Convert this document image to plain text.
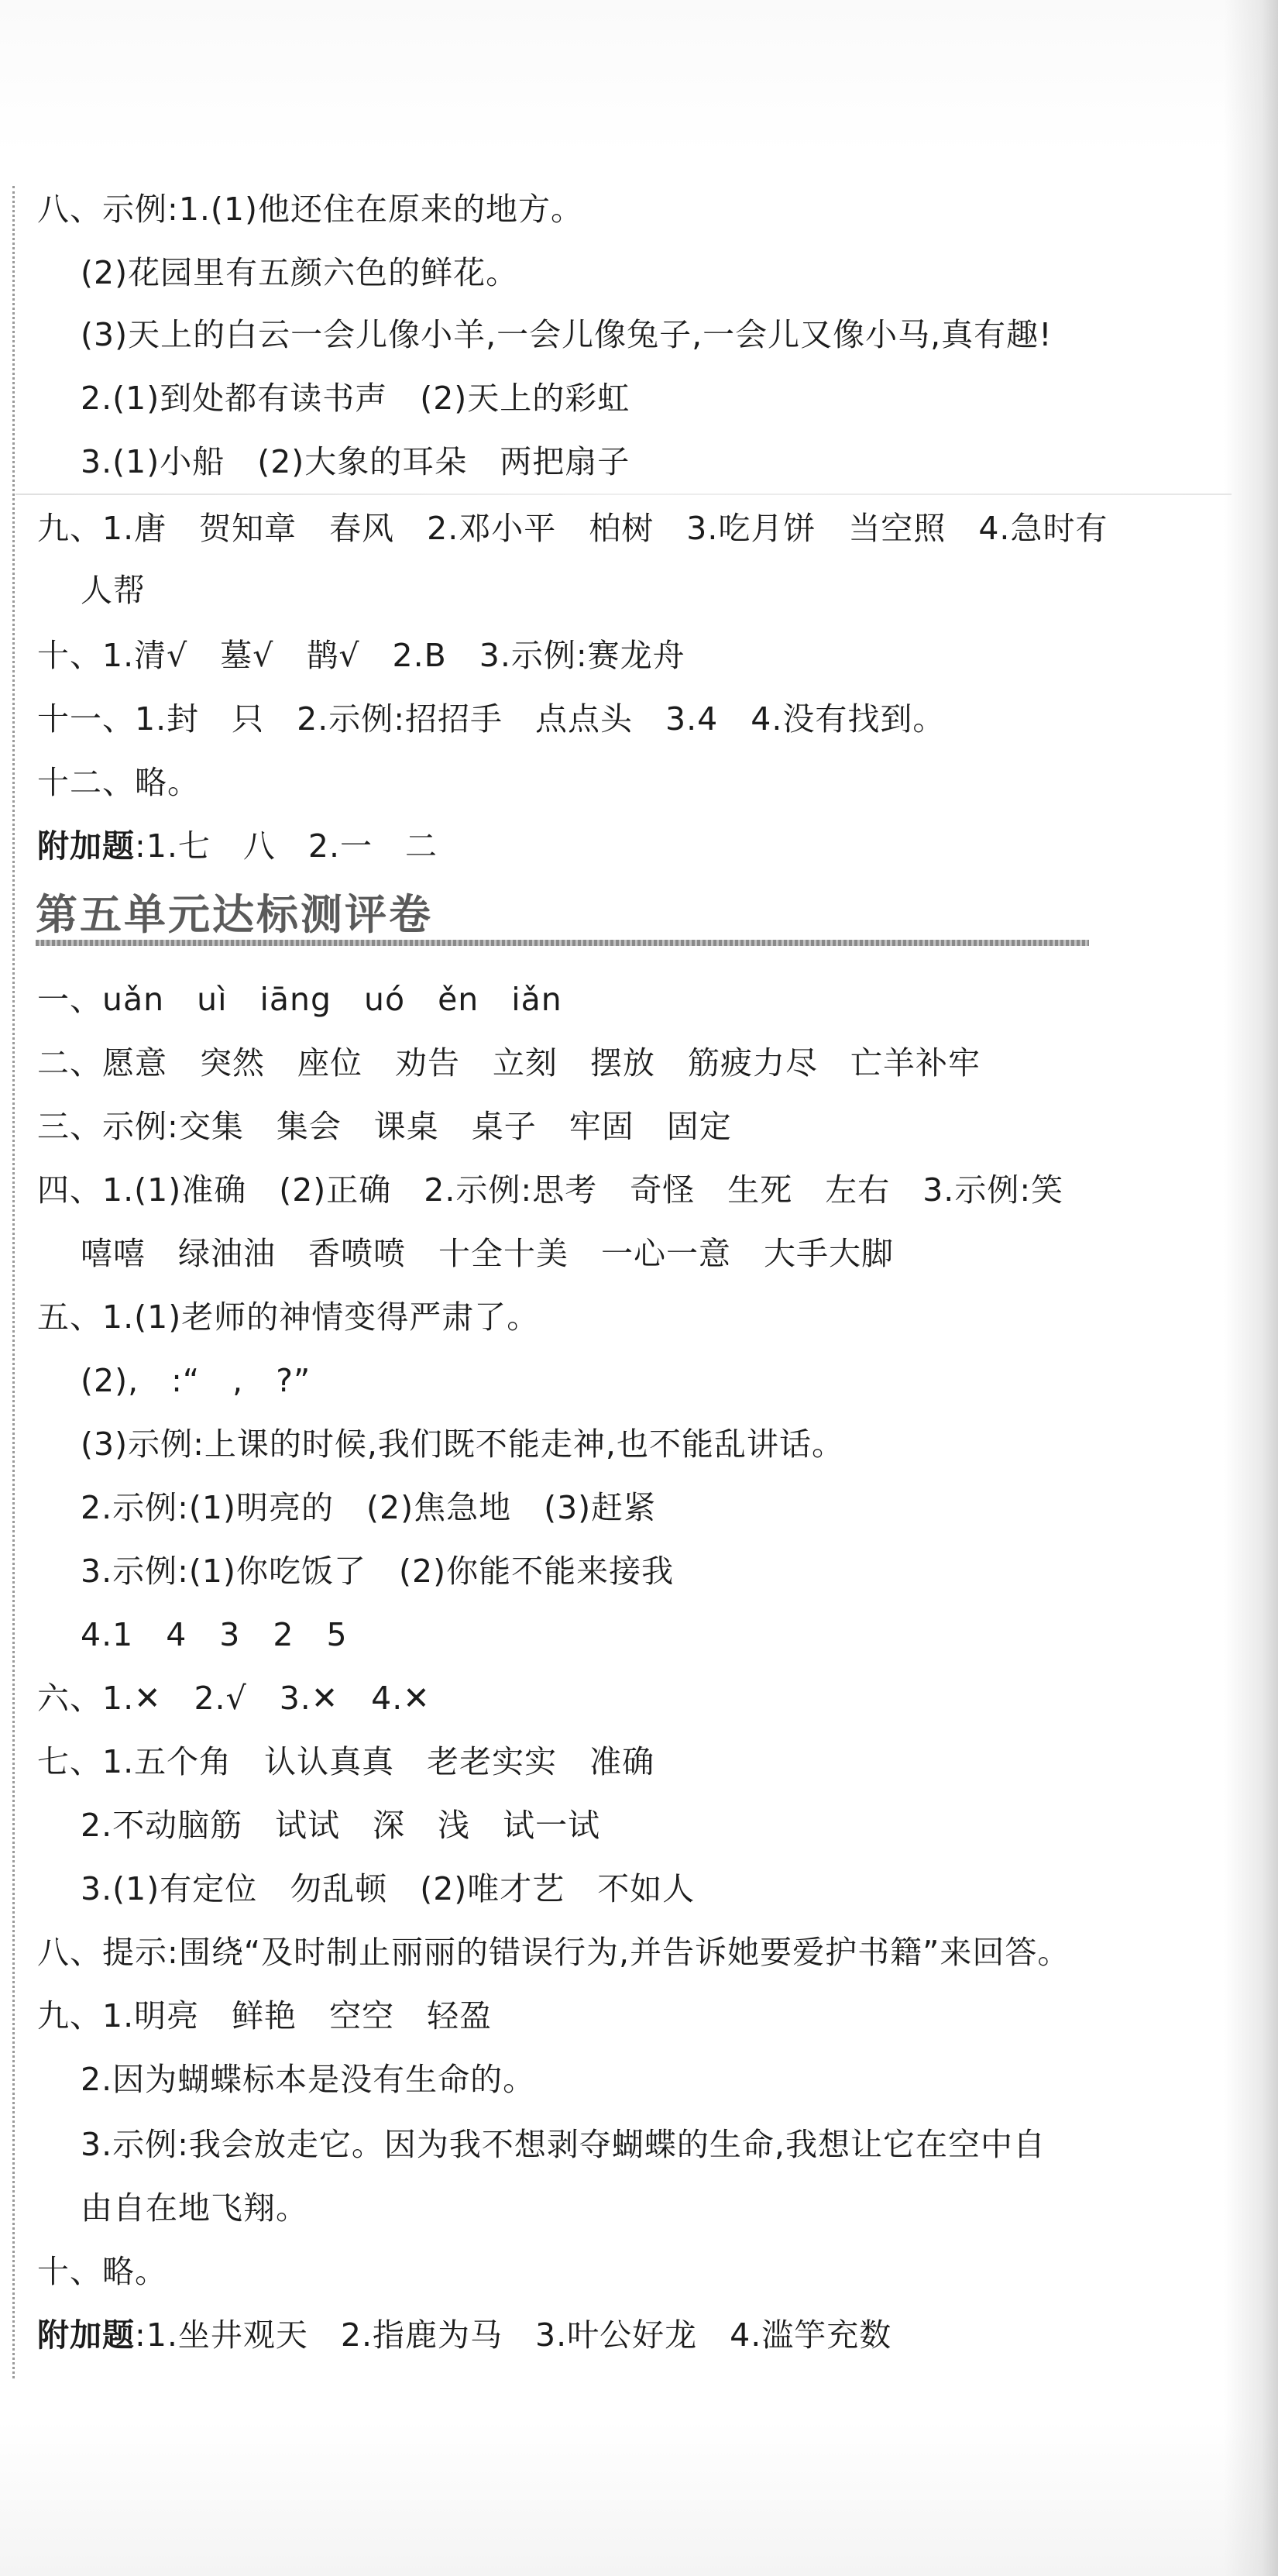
八、示例:1.(1)他还住在原来的地方。
(2)花园里有五颜六色的鲜花。
(3)天上的白云一会儿像小羊,一会儿像兔子,一会儿又像小马,真有趣!
2.(1)到处都有读书声　(2)天上的彩虹
3.(1)小船　(2)大象的耳朵　两把扇子
九、1.唐　贺知章　春风　2.邓小平　柏树　3.吃月饼　当空照　4.急时有
人帮
十、1.清√　墓√　鹊√　2.B　3.示例:赛龙舟
十一、1.封　只　2.示例:招招手　点点头　3.4　4.没有找到。
十二、略。
附加题:1.七　八　2.一　二
第五单元达标测评卷
一、uǎn　uì　iāng　uó　ěn　iǎn
二、愿意　突然　座位　劝告　立刻　摆放　筋疲力尽　亡羊补牢
三、示例:交集　集会　课桌　桌子　牢固　固定
四、1.(1)准确　(2)正确　2.示例:思考　奇怪　生死　左右　3.示例:笑
嘻嘻　绿油油　香喷喷　十全十美　一心一意　大手大脚
五、1.(1)老师的神情变得严肃了。
(2),　:“　,　?”
(3)示例:上课的时候,我们既不能走神,也不能乱讲话。
2.示例:(1)明亮的　(2)焦急地　(3)赶紧
3.示例:(1)你吃饭了　(2)你能不能来接我
4.1　4　3　2　5
六、1.✕　2.√　3.✕　4.✕
七、1.五个角　认认真真　老老实实　准确
2.不动脑筋　试试　深　浅　试一试
3.(1)有定位　勿乱顿　(2)唯才艺　不如人
八、提示:围绕“及时制止丽丽的错误行为,并告诉她要爱护书籍”来回答。
九、1.明亮　鲜艳　空空　轻盈
2.因为蝴蝶标本是没有生命的。
3.示例:我会放走它。因为我不想剥夺蝴蝶的生命,我想让它在空中自
由自在地飞翔。
十、略。
附加题:1.坐井观天　2.指鹿为马　3.叶公好龙　4.滥竽充数
